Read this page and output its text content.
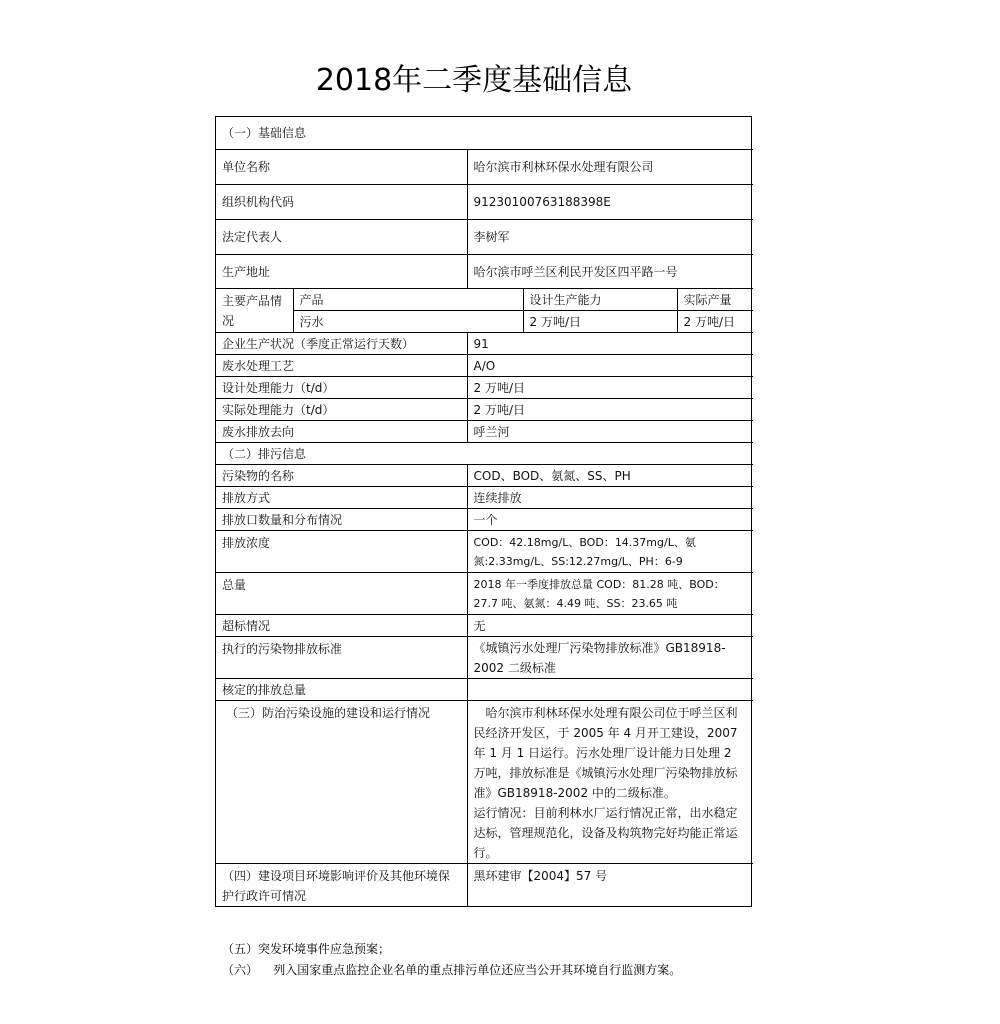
2018年二季度基础信息
（一）基础信息				
单位名称		哈尔滨市利林环保水处理有限公司		
组织机构代码		91230100763188398E		
法定代表人		李树军		
生产地址		哈尔滨市呼兰区利民开发区四平路一号		
主要产品情况	产品		设计生产能力	实际产量
	污水		2 万吨/日	2 万吨/日
企业生产状况（季度正常运行天数）		91		
废水处理工艺		A/O		
设计处理能力（t/d）		2 万吨/日		
实际处理能力（t/d）		2 万吨/日		
废水排放去向		呼兰河		
（二）排污信息				
污染物的名称		COD、BOD、氨氮、SS、PH		
排放方式		连续排放		
排放口数量和分布情况		一个		
排放浓度		COD：42.18mg/L、BOD：14.37mg/L、氨氮:2.33mg/L、SS:12.27mg/L、PH：6-9		
总量		2018 年一季度排放总量 COD：81.28 吨、BOD：27.7 吨、氨氮：4.49 吨、SS：23.65 吨		
超标情况		无		
执行的污染物排放标准		《城镇污水处理厂污染物排放标准》GB18918-2002 二级标准		
核定的排放总量				
（三）防治污染设施的建设和运行情况		哈尔滨市利林环保水处理有限公司位于呼兰区利民经济开发区，于 2005 年 4 月开工建设，2007 年 1 月 1 日运行。污水处理厂设计能力日处理 2 万吨，排放标准是《城镇污水处理厂污染物排放标准》GB18918-2002 中的二级标准。
运行情况：目前利林水厂运行情况正常，出水稳定达标，管理规范化，设备及构筑物完好均能正常运行。		

（四）建设项目环境影响评价及其他环境保护行政许可情况		黑环建审【2004】57 号		
（五）突发环境事件应急预案；
（六）    列入国家重点监控企业名单的重点排污单位还应当公开其环境自行监测方案。
